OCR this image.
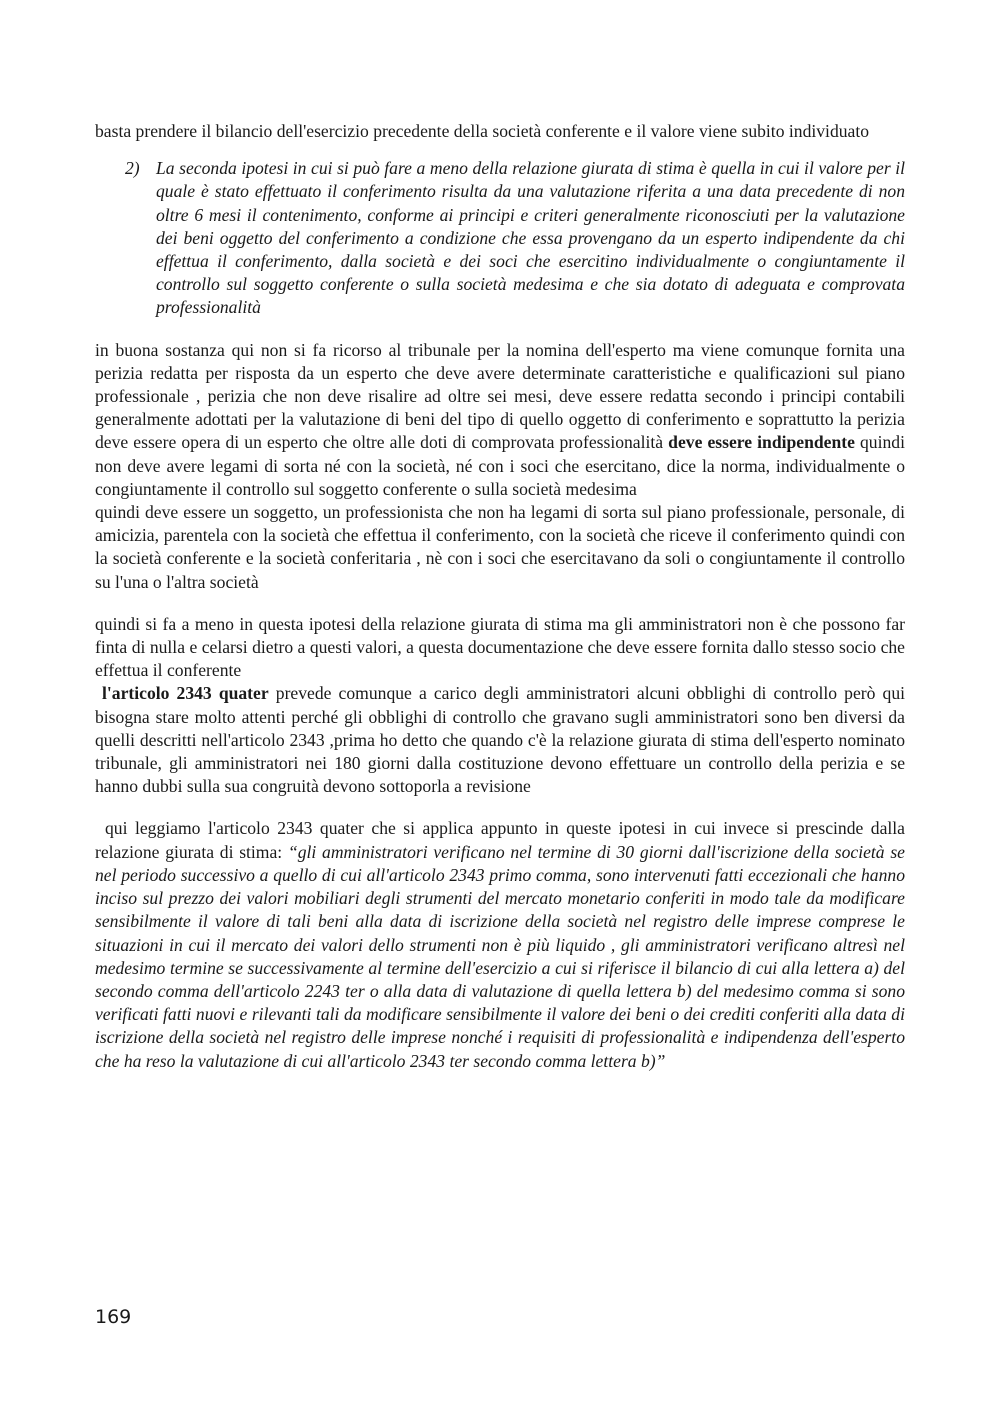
basta prendere il bilancio dell'esercizio precedente della società conferente e il valore viene subito individuato

2) La seconda ipotesi in cui si può fare a meno della relazione giurata di stima è quella in cui il valore per il quale è stato effettuato il conferimento risulta da una valutazione riferita a una data precedente di non oltre 6 mesi il contenimento, conforme ai principi e criteri generalmente riconosciuti per la valutazione dei beni oggetto del conferimento a condizione che essa provengano da un esperto indipendente da chi effettua il conferimento, dalla società e dei soci che esercitino individualmente o congiuntamente il controllo sul soggetto conferente o sulla società medesima e che sia dotato di adeguata e comprovata professionalità

in buona sostanza qui non si fa ricorso al tribunale per la nomina dell'esperto ma viene comunque fornita una perizia redatta per risposta da un esperto che deve avere determinate caratteristiche e qualificazioni sul piano professionale , perizia che non deve risalire ad oltre sei mesi, deve essere redatta secondo i principi contabili generalmente adottati per la valutazione di beni del tipo di quello oggetto di conferimento e soprattutto la perizia deve essere opera di un esperto che oltre alle doti di comprovata professionalità deve essere indipendente quindi non deve avere legami di sorta né con la società, né con i soci che esercitano, dice la norma, individualmente o congiuntamente il controllo sul soggetto conferente o sulla società medesima

quindi deve essere un soggetto, un professionista che non ha legami di sorta sul piano professionale, personale, di amicizia, parentela con la società che effettua il conferimento, con la società che riceve il conferimento quindi con la società conferente e la società conferitaria , nè con i soci che esercitavano da soli o congiuntamente il controllo su l'una o l'altra società

quindi si fa a meno in questa ipotesi della relazione giurata di stima ma gli amministratori non è che possono far finta di nulla e celarsi dietro a questi valori, a questa documentazione che deve essere fornita dallo stesso socio che effettua il conferente

l'articolo 2343 quater prevede comunque a carico degli amministratori alcuni obblighi di controllo però qui bisogna stare molto attenti perché gli obblighi di controllo che gravano sugli amministratori sono ben diversi da quelli descritti nell'articolo 2343 ,prima ho detto che quando c'è la relazione giurata di stima dell'esperto nominato tribunale, gli amministratori nei 180 giorni dalla costituzione devono effettuare un controllo della perizia e se hanno dubbi sulla sua congruità devono sottoporla a revisione

qui leggiamo l'articolo 2343 quater che si applica appunto in queste ipotesi in cui invece si prescinde dalla relazione giurata di stima: “gli amministratori verificano nel termine di 30 giorni dall'iscrizione della società se nel periodo successivo a quello di cui all'articolo 2343 primo comma, sono intervenuti fatti eccezionali che hanno inciso sul prezzo dei valori mobiliari degli strumenti del mercato monetario conferiti in modo tale da modificare sensibilmente il valore di tali beni alla data di iscrizione della società nel registro delle imprese comprese le situazioni in cui il mercato dei valori dello strumenti non è più liquido , gli amministratori verificano altresì nel medesimo termine se successivamente al termine dell'esercizio a cui si riferisce il bilancio di cui alla lettera a) del secondo comma dell'articolo 2243 ter o alla data di valutazione di quella lettera b) del medesimo comma si sono verificati fatti nuovi e rilevanti tali da modificare sensibilmente il valore dei beni o dei crediti conferiti alla data di iscrizione della società nel registro delle imprese nonché i requisiti di professionalità e indipendenza dell'esperto che ha reso la valutazione di cui all'articolo 2343 ter secondo comma lettera b)”

169
